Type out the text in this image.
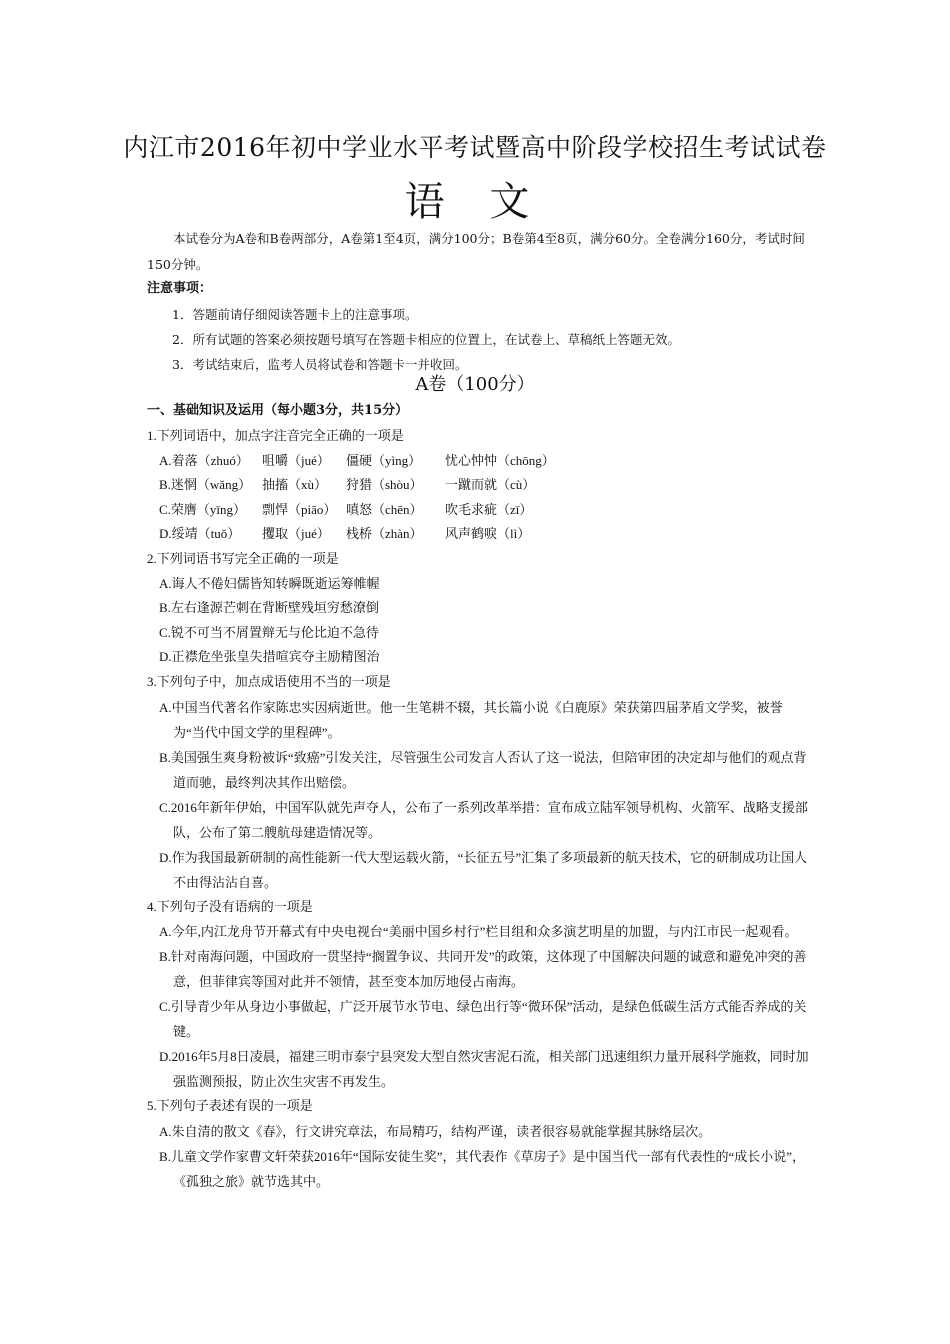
内江市2016年初中学业水平考试暨高中阶段学校招生考试试卷
语 文

本试卷分为A卷和B卷两部分，A卷第1至4页，满分100分；B卷第4至8页，满分60分。全卷满分160分，考试时间150分钟。

注意事项：
1．答题前请仔细阅读答题卡上的注意事项。
2．所有试题的答案必须按题号填写在答题卡相应的位置上，在试卷上、草稿纸上答题无效。
3．考试结束后，监考人员将试卷和答题卡一并收回。
A卷（100分）
一、基础知识及运用（每小题3分，共15分）
1.下列词语中，加点字注音完全正确的一项是
A.着落（zhuó） 咀嚼（jué） 僵硬（yìng） 忧心忡忡（chōng）
B.迷惘（wǎng） 抽搐（xù） 狩猎（shòu） 一蹴而就（cù）
C.荣膺（yīng） 剽悍（piāo） 嗔怒（chēn） 吹毛求疵（zī）
D.绥靖（tuǒ） 攫取（jué） 栈桥（zhàn） 风声鹤唳（lì）
2.下列词语书写完全正确的一项是
A.诲人不倦妇儒皆知转瞬既逝运筹帷幄
B.左右逢源芒刺在背断壁残垣穷愁潦倒
C.锐不可当不屑置辩无与伦比迫不急待
D.正襟危坐张皇失措喧宾夺主励精图治
3.下列句子中，加点成语使用不当的一项是
A.中国当代著名作家陈忠实因病逝世。他一生笔耕不辍，其长篇小说《白鹿原》荣获第四届茅盾文学奖，被誉为“当代中国文学的里程碑”。
B.美国强生爽身粉被诉“致癌”引发关注，尽管强生公司发言人否认了这一说法，但陪审团的决定却与他们的观点背道而驰，最终判决其作出赔偿。
C.2016年新年伊始，中国军队就先声夺人，公布了一系列改革举措：宣布成立陆军领导机构、火箭军、战略支援部队，公布了第二艘航母建造情况等。
D.作为我国最新研制的高性能新一代大型运载火箭，“长征五号”汇集了多项最新的航天技术，它的研制成功让国人不由得沾沾自喜。
4.下列句子没有语病的一项是
A.今年,内江龙舟节开幕式有中央电视台“美丽中国乡村行”栏目组和众多演艺明星的加盟，与内江市民一起观看。
B.针对南海问题，中国政府一贯坚持“搁置争议、共同开发”的政策，这体现了中国解决问题的诚意和避免冲突的善意，但菲律宾等国对此并不领情，甚至变本加厉地侵占南海。
C.引导青少年从身边小事做起，广泛开展节水节电、绿色出行等“微环保”活动，是绿色低碳生活方式能否养成的关键。
D.2016年5月8日凌晨，福建三明市泰宁县突发大型自然灾害泥石流，相关部门迅速组织力量开展科学施救，同时加强监测预报，防止次生灾害不再发生。
5.下列句子表述有误的一项是
A.朱自清的散文《春》，行文讲究章法，布局精巧，结构严谨，读者很容易就能掌握其脉络层次。
B.儿童文学作家曹文轩荣获2016年“国际安徒生奖”，其代表作《草房子》是中国当代一部有代表性的“成长小说”，《孤独之旅》就节选其中。
